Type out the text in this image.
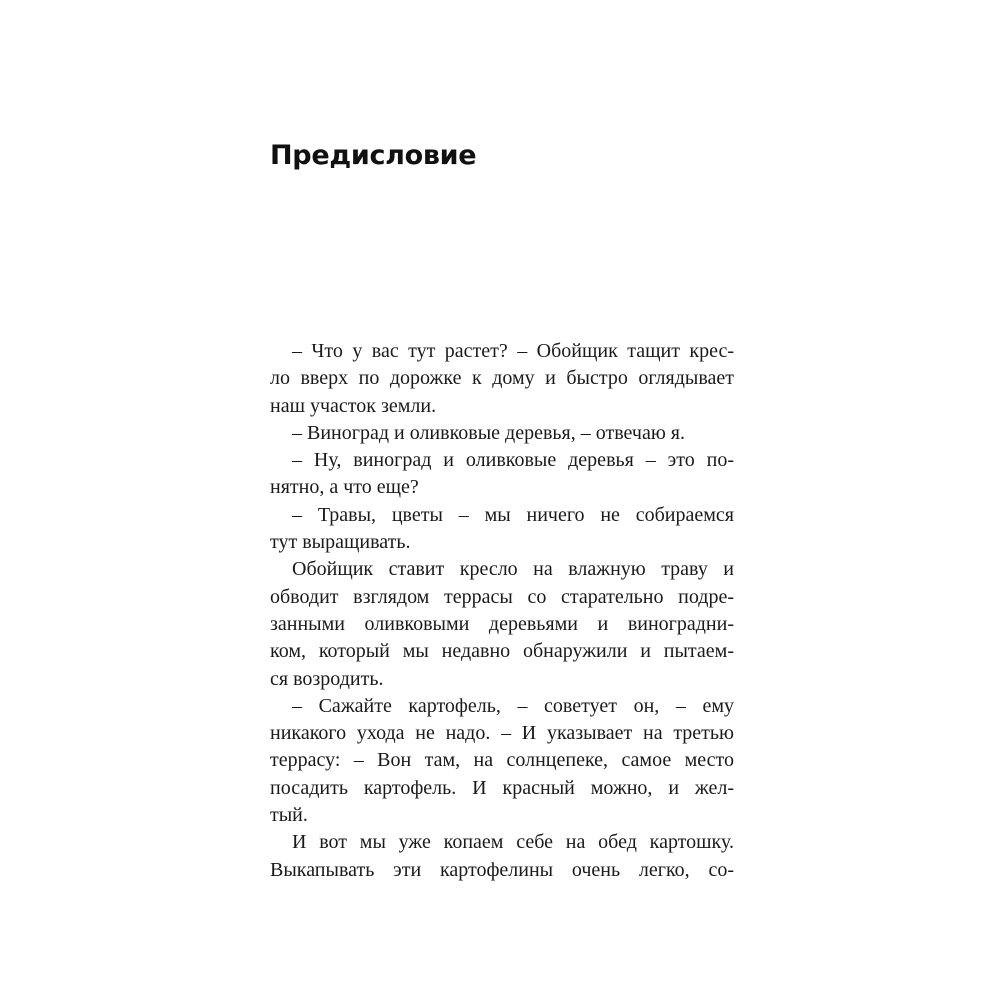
Предисловие
– Что у вас тут растет? – Обойщик тащит крес-
ло вверх по дорожке к дому и быстро оглядывает
наш участок земли.
– Виноград и оливковые деревья, – отвечаю я.
– Ну, виноград и оливковые деревья – это по-
нятно, а что еще?
– Травы, цветы – мы ничего не собираемся
тут выращивать.
Обойщик ставит кресло на влажную траву и
обводит взглядом террасы со старательно подре-
занными оливковыми деревьями и виноградни-
ком, который мы недавно обнаружили и пытаем-
ся возродить.
– Сажайте картофель, – советует он, – ему
никакого ухода не надо. – И указывает на третью
террасу: – Вон там, на солнцепеке, самое место
посадить картофель. И красный можно, и жел-
тый.
И вот мы уже копаем себе на обед картошку.
Выкапывать эти картофелины очень легко, со-
